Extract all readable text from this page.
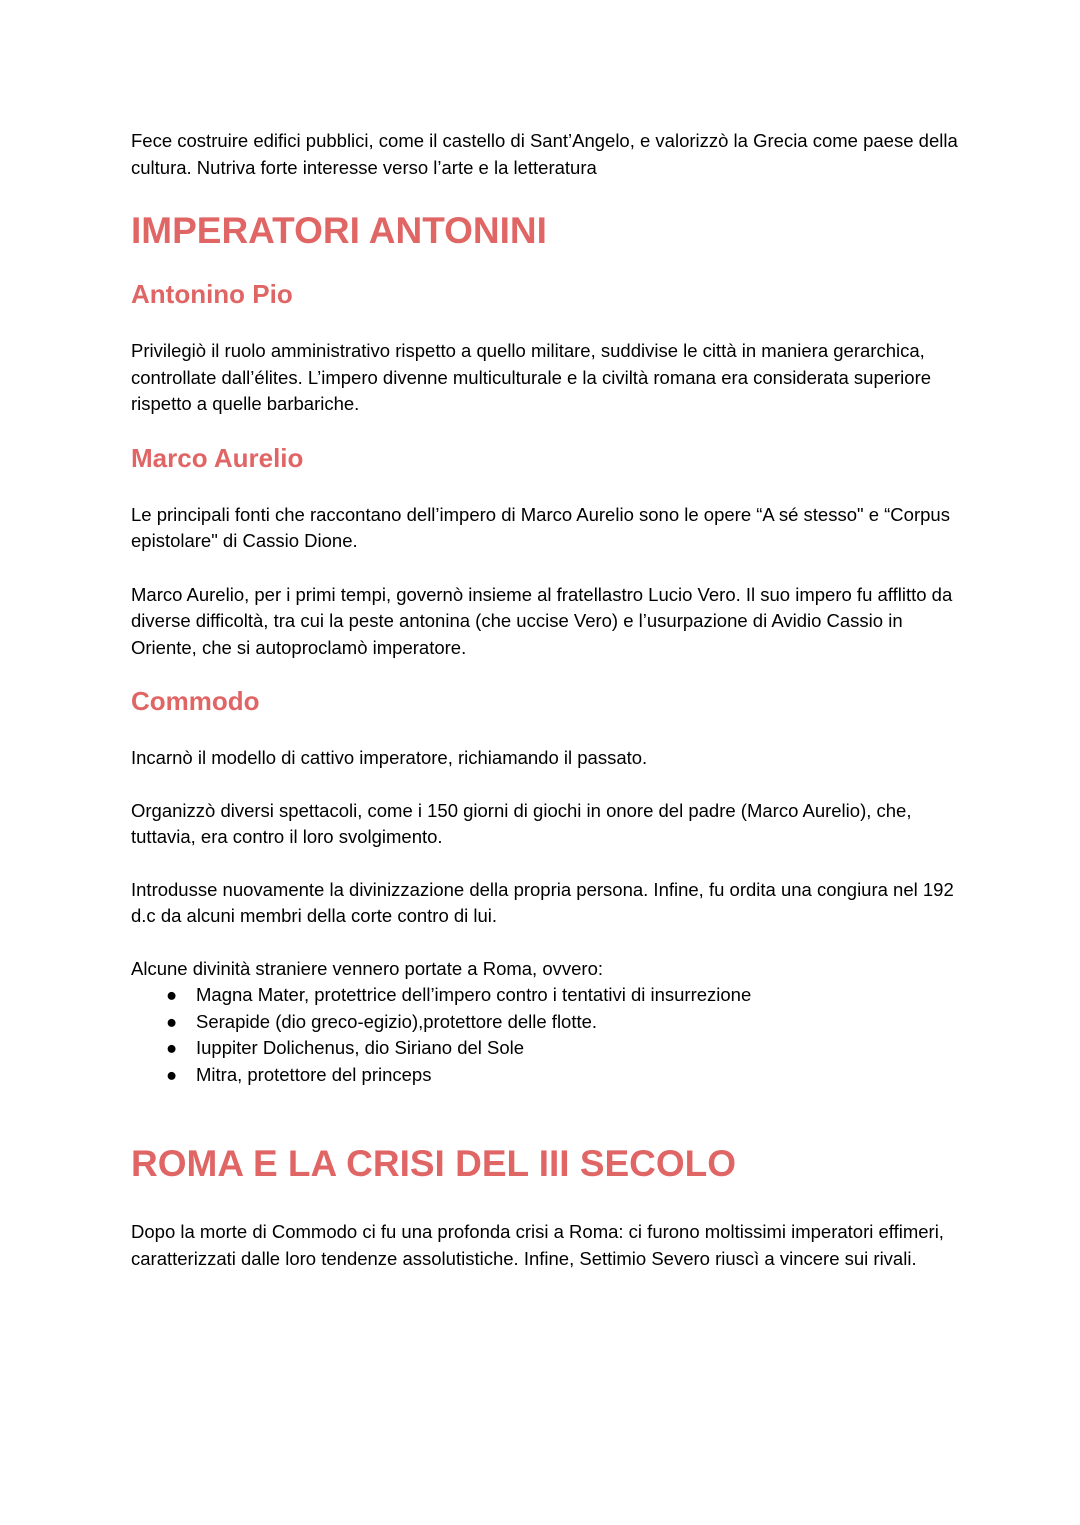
Fece costruire edifici pubblici, come il castello di Sant’Angelo, e valorizzò la Grecia come paese della cultura. Nutriva forte interesse verso l’arte e la letteratura

IMPERATORI ANTONINI
Antonino Pio

Privilegiò il ruolo amministrativo rispetto a quello militare, suddivise le città in maniera gerarchica, controllate dall’élites. L’impero divenne multiculturale e la civiltà romana era considerata superiore rispetto a quelle barbariche.

Marco Aurelio

Le principali fonti che raccontano dell’impero di Marco Aurelio sono le opere “A sé stesso" e “Corpus epistolare" di Cassio Dione.

Marco Aurelio, per i primi tempi, governò insieme al fratellastro Lucio Vero. Il suo impero fu afflitto da diverse difficoltà, tra cui la peste antonina (che uccise Vero) e l’usurpazione di Avidio Cassio in Oriente, che si autoproclamò imperatore.

Commodo

Incarnò il modello di cattivo imperatore, richiamando il passato.

Organizzò diversi spettacoli, come i 150 giorni di giochi in onore del padre (Marco Aurelio), che, tuttavia, era contro il loro svolgimento.

Introdusse nuovamente la divinizzazione della propria persona. Infine, fu ordita una congiura nel 192 d.c da alcuni membri della corte contro di lui.

Alcune divinità straniere vennero portate a Roma, ovvero:

● Magna Mater, protettrice dell’impero contro i tentativi di insurrezione
● Serapide (dio greco-egizio),protettore delle flotte.
● Iuppiter Dolichenus, dio Siriano del Sole
● Mitra, protettore del princeps
ROMA E LA CRISI DEL III SECOLO

Dopo la morte di Commodo ci fu una profonda crisi a Roma: ci furono moltissimi imperatori effimeri, caratterizzati dalle loro tendenze assolutistiche. Infine, Settimio Severo riuscì a vincere sui rivali.
